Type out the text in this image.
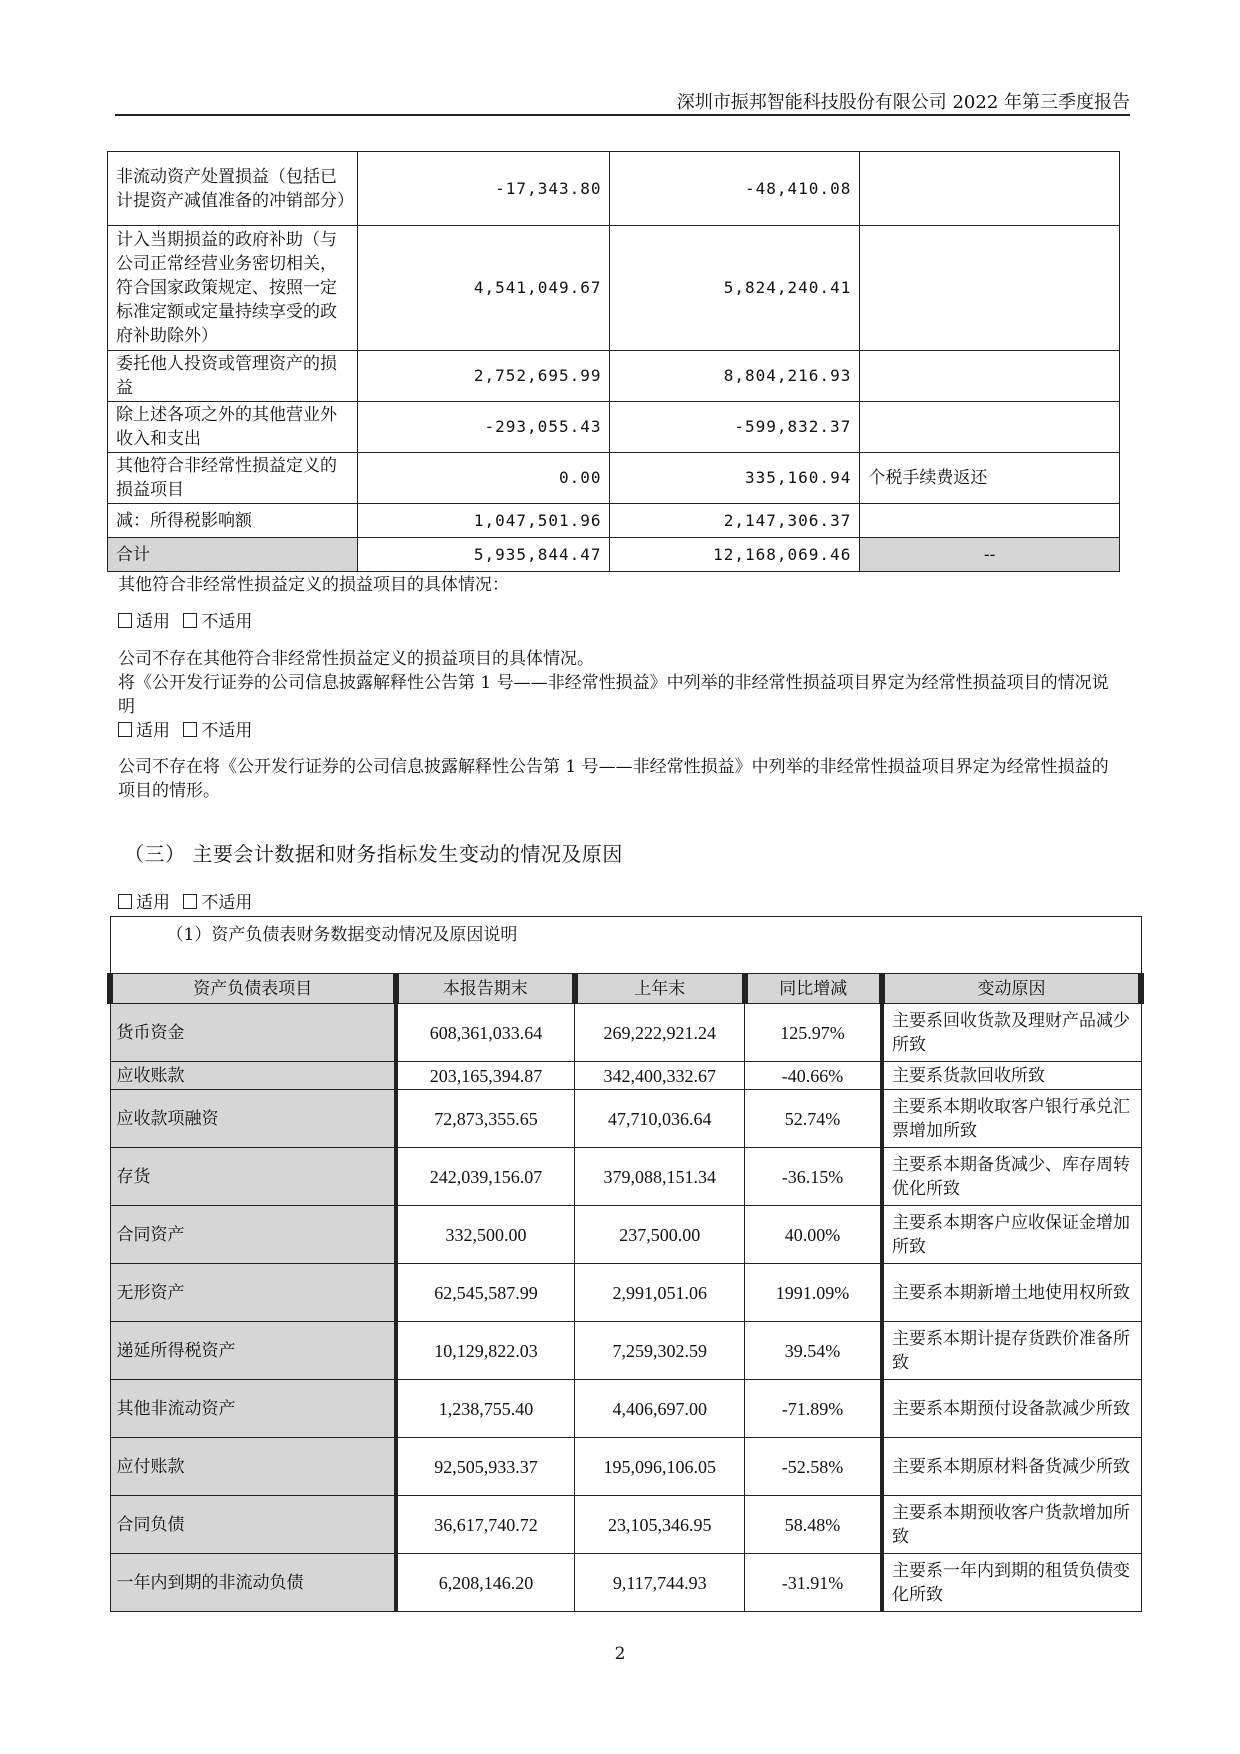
深圳市振邦智能科技股份有限公司 2022 年第三季度报告
非流动资产处置损益（包括已计提资产减值准备的冲销部分）	-17,343.80	-48,410.08	
计入当期损益的政府补助（与公司正常经营业务密切相关，符合国家政策规定、按照一定标准定额或定量持续享受的政府补助除外）	4,541,049.67	5,824,240.41	
委托他人投资或管理资产的损益	2,752,695.99	8,804,216.93	
除上述各项之外的其他营业外收入和支出	-293,055.43	-599,832.37	
其他符合非经常性损益定义的损益项目	0.00	335,160.94	个税手续费返还
减：所得税影响额	1,047,501.96	2,147,306.37	
合计	5,935,844.47	12,168,069.46	--
其他符合非经常性损益定义的损益项目的具体情况：
适用 不适用
公司不存在其他符合非经常性损益定义的损益项目的具体情况。
将《公开发行证券的公司信息披露解释性公告第 1 号——非经常性损益》中列举的非经常性损益项目界定为经常性损益项目的情况说明
适用 不适用
公司不存在将《公开发行证券的公司信息披露解释性公告第 1 号——非经常性损益》中列举的非经常性损益项目界定为经常性损益的项目的情形。
（三） 主要会计数据和财务指标发生变动的情况及原因
适用 不适用
（1）资产负债表财务数据变动情况及原因说明				
资产负债表项目	本报告期末	上年末	同比增减	变动原因
货币资金	608,361,033.64	269,222,921.24	125.97%	主要系回收货款及理财产品减少所致
应收账款	203,165,394.87	342,400,332.67	-40.66%	主要系货款回收所致
应收款项融资	72,873,355.65	47,710,036.64	52.74%	主要系本期收取客户银行承兑汇票增加所致
存货	242,039,156.07	379,088,151.34	-36.15%	主要系本期备货减少、库存周转优化所致
合同资产	332,500.00	237,500.00	40.00%	主要系本期客户应收保证金增加所致
无形资产	62,545,587.99	2,991,051.06	1991.09%	主要系本期新增土地使用权所致
递延所得税资产	10,129,822.03	7,259,302.59	39.54%	主要系本期计提存货跌价准备所致
其他非流动资产	1,238,755.40	4,406,697.00	-71.89%	主要系本期预付设备款减少所致
应付账款	92,505,933.37	195,096,106.05	-52.58%	主要系本期原材料备货减少所致
合同负债	36,617,740.72	23,105,346.95	58.48%	主要系本期预收客户货款增加所致
一年内到期的非流动负债	6,208,146.20	9,117,744.93	-31.91%	主要系一年内到期的租赁负债变化所致
2
